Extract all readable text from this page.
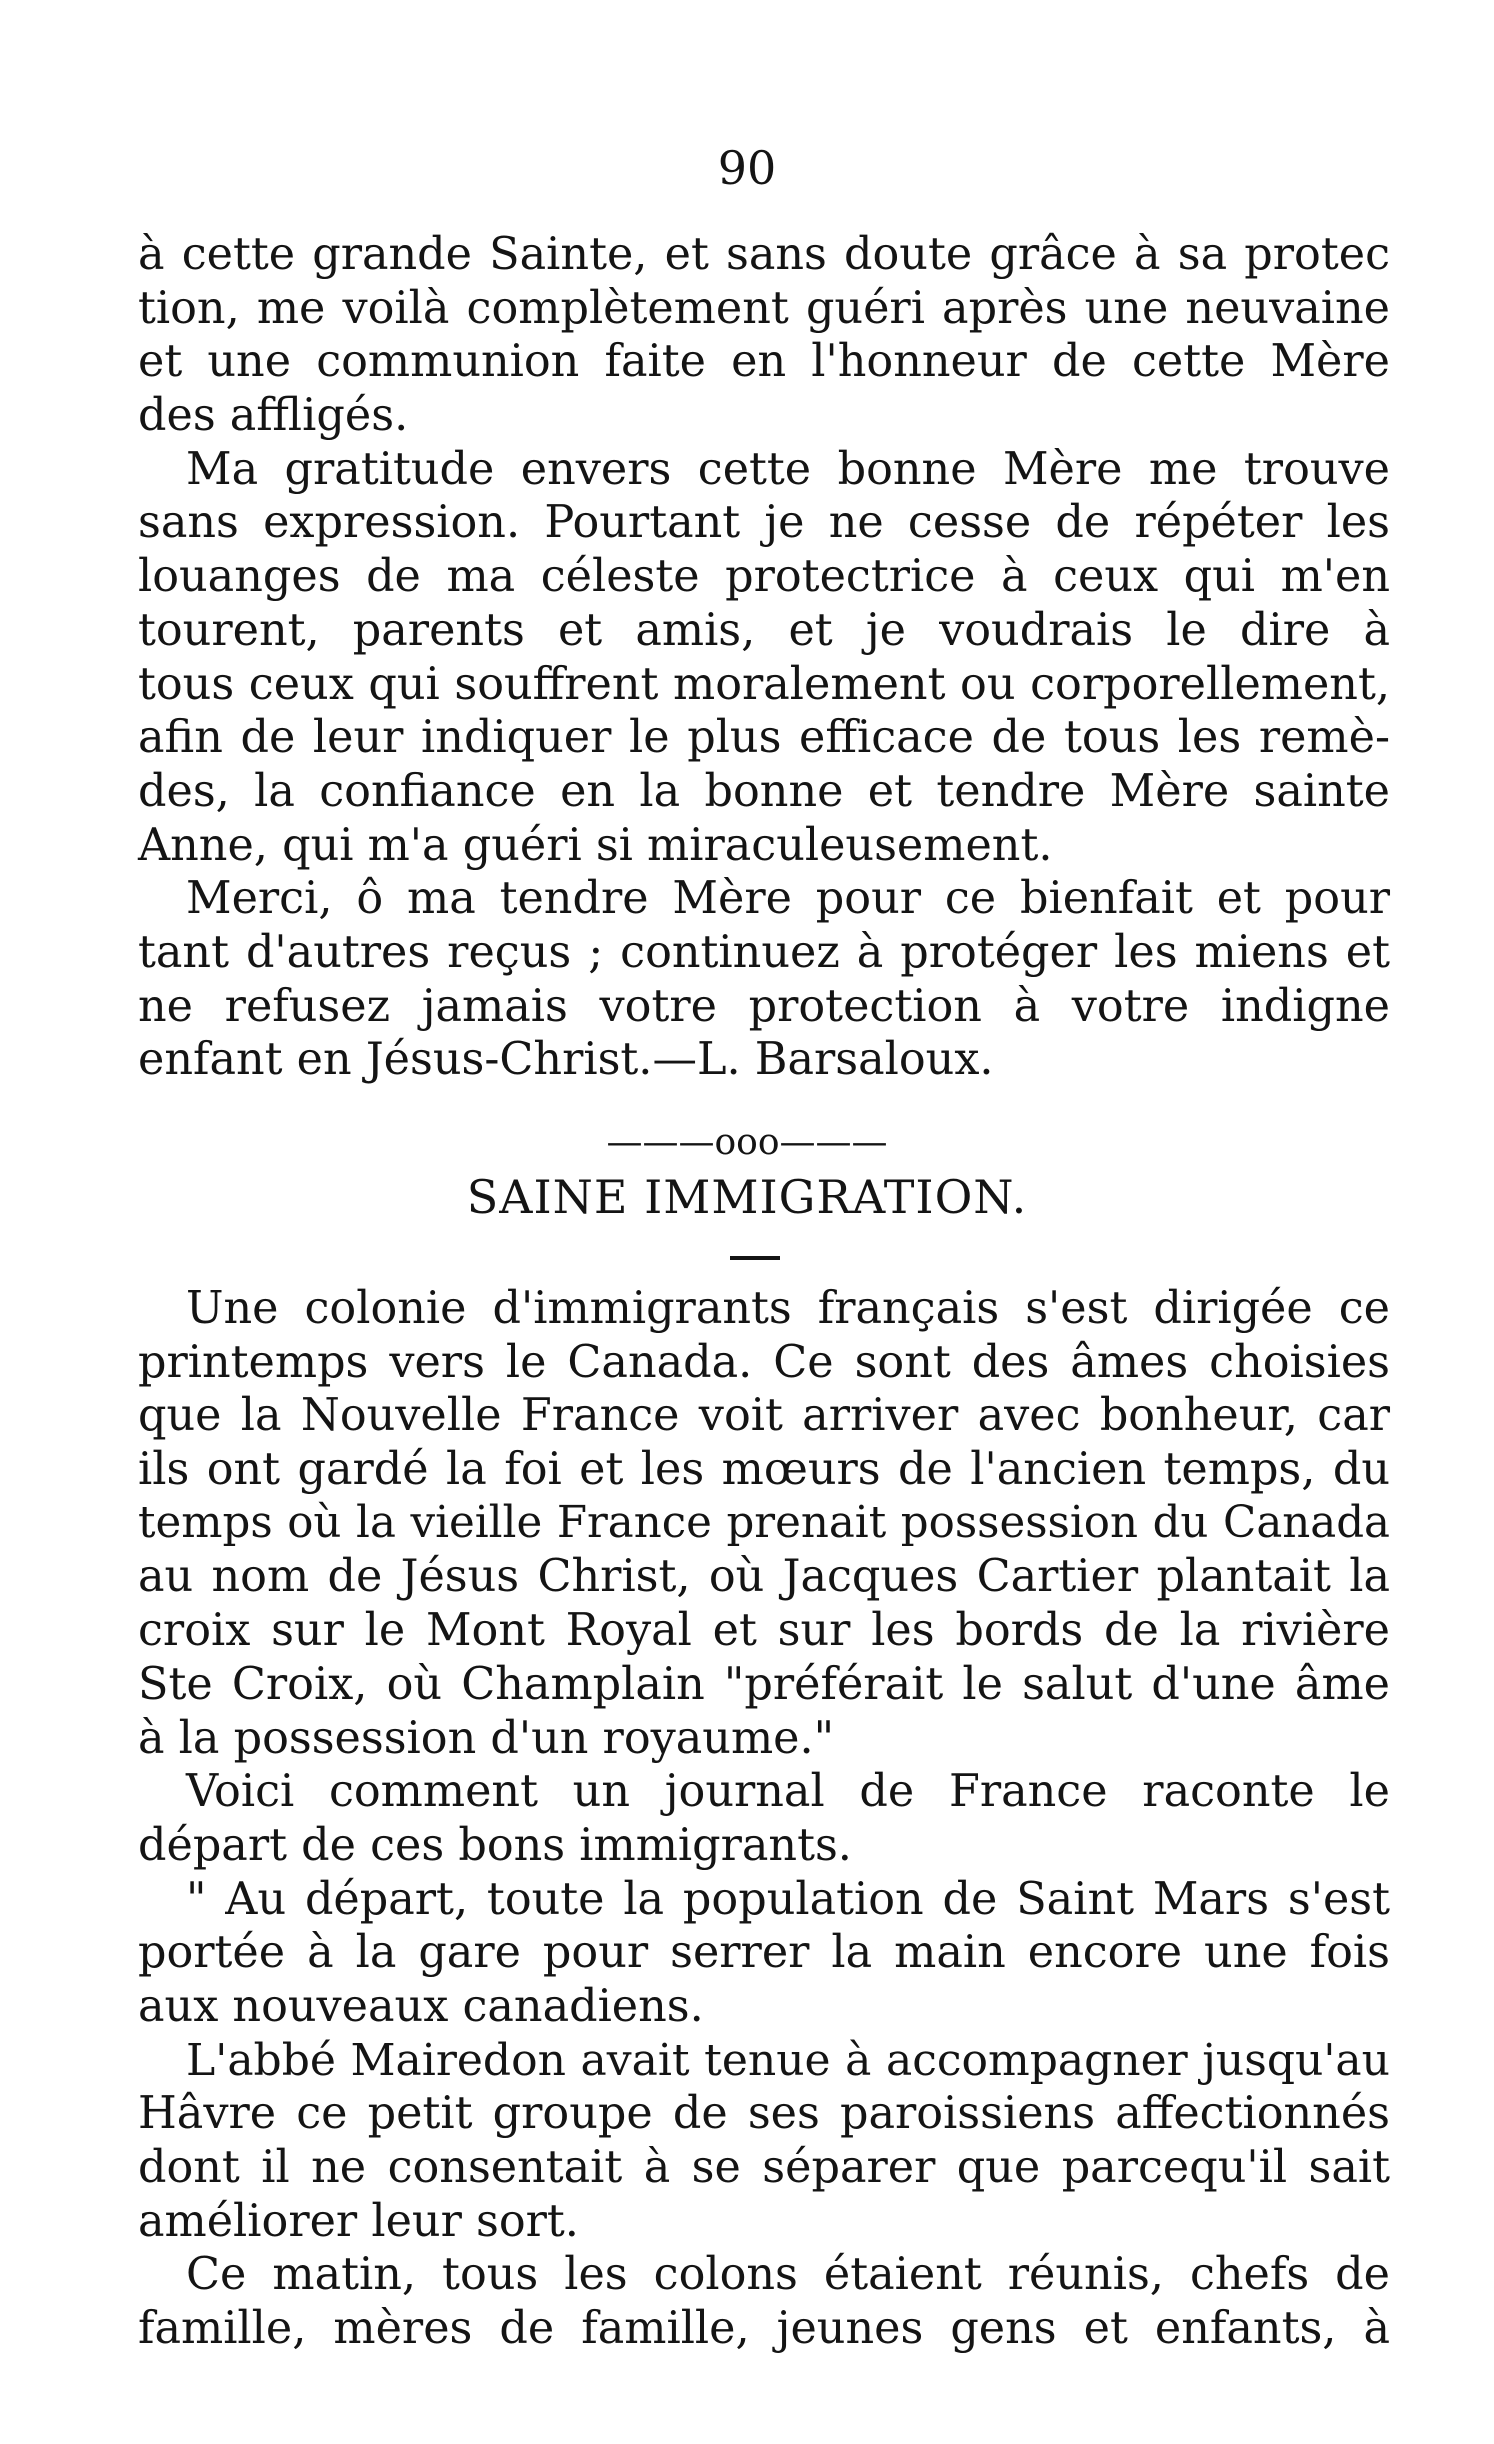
90
à cette grande Sainte, et sans doute grâce à sa protec
tion, me voilà complètement guéri après une neuvaine
et une communion faite en l'honneur de cette Mère
des affligés.
Ma gratitude envers cette bonne Mère me trouve
sans expression. Pourtant je ne cesse de répéter les
louanges de ma céleste protectrice à ceux qui m'en
tourent, parents et amis, et je voudrais le dire à
tous ceux qui souffrent moralement ou corporellement,
afin de leur indiquer le plus efficace de tous les remè-
des, la confiance en la bonne et tendre Mère sainte
Anne, qui m'a guéri si miraculeusement.
Merci, ô ma tendre Mère pour ce bienfait et pour
tant d'autres reçus ; continuez à protéger les miens et
ne refusez jamais votre protection à votre indigne
enfant en Jésus-Christ.—L. Barsaloux.
———ooo———
SAINE IMMIGRATION.
Une colonie d'immigrants français s'est dirigée ce
printemps vers le Canada. Ce sont des âmes choisies
que la Nouvelle France voit arriver avec bonheur, car
ils ont gardé la foi et les mœurs de l'ancien temps, du
temps où la vieille France prenait possession du Canada
au nom de Jésus Christ, où Jacques Cartier plantait la
croix sur le Mont Royal et sur les bords de la rivière
Ste Croix, où Champlain "préférait le salut d'une âme
à la possession d'un royaume."
Voici comment un journal de France raconte le
départ de ces bons immigrants.
" Au départ, toute la population de Saint Mars s'est
portée à la gare pour serrer la main encore une fois
aux nouveaux canadiens.
L'abbé Mairedon avait tenue à accompagner jusqu'au
Hâvre ce petit groupe de ses paroissiens affectionnés
dont il ne consentait à se séparer que parcequ'il sait
améliorer leur sort.
Ce matin, tous les colons étaient réunis, chefs de
famille, mères de famille, jeunes gens et enfants, à
